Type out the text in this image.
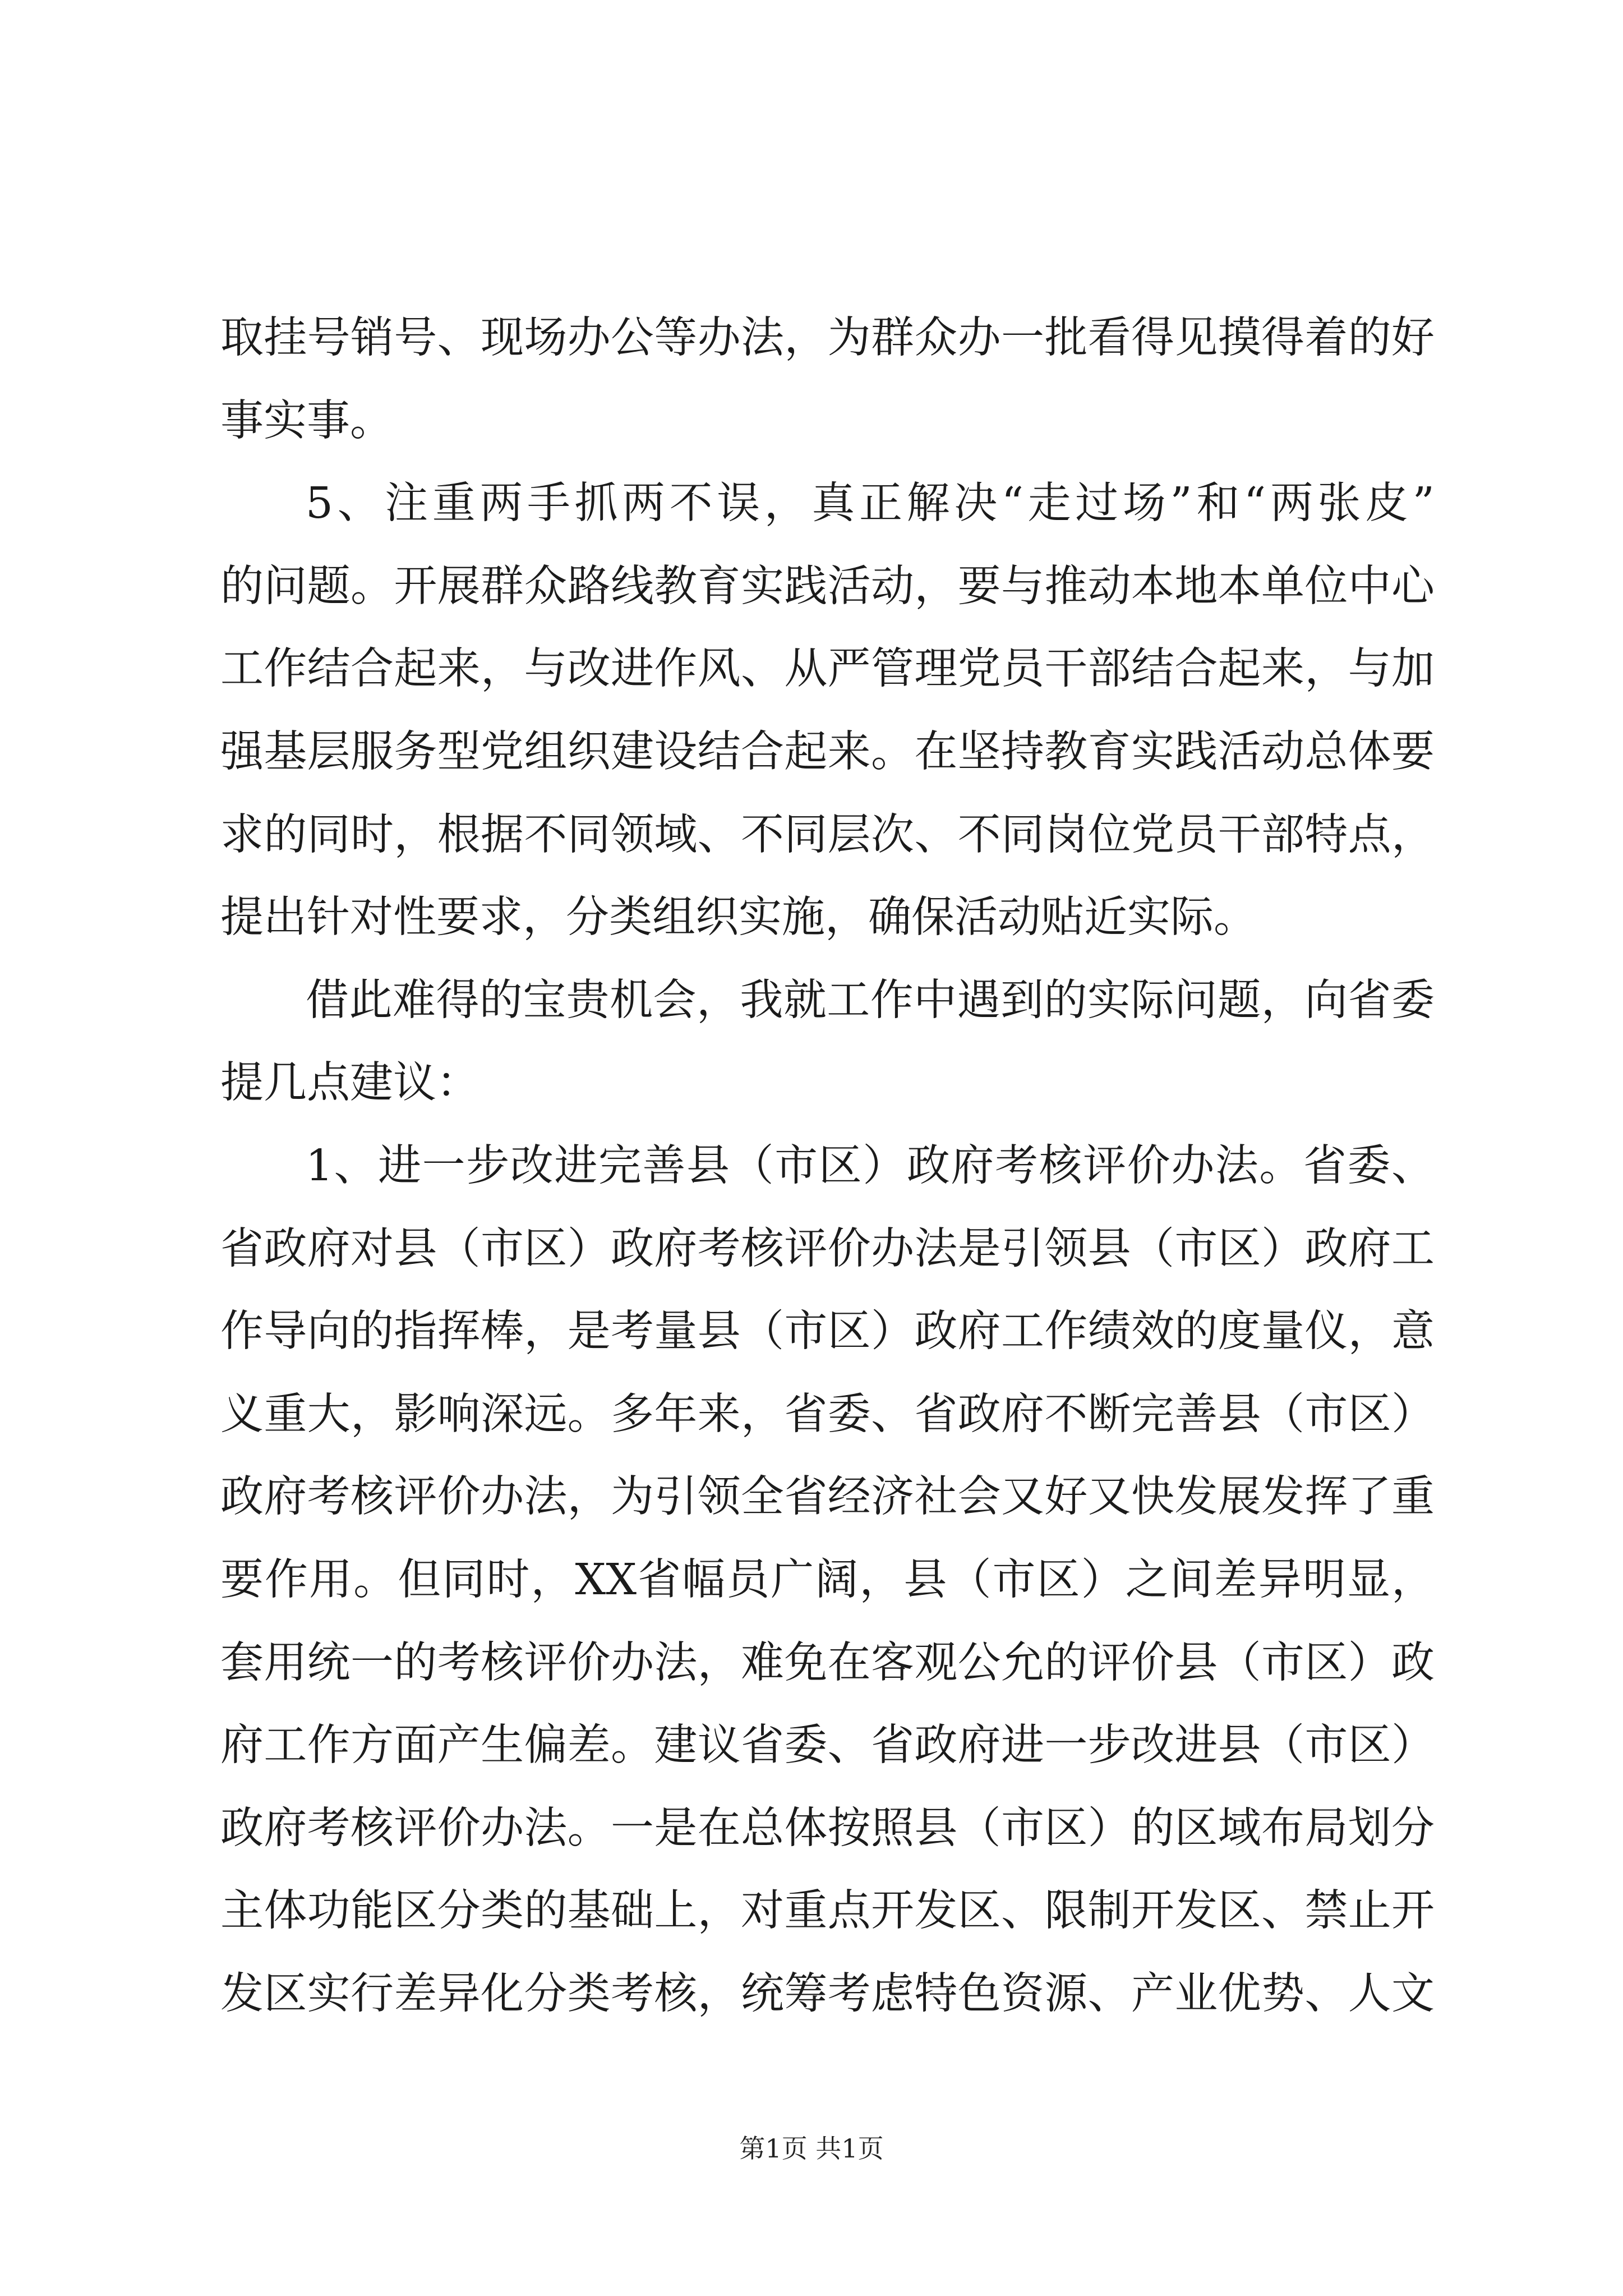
取挂号销号、现场办公等办法，为群众办一批看得见摸得着的好
事实事。
5、注重两手抓两不误，真正解决“走过场”和“两张皮”
的问题。开展群众路线教育实践活动，要与推动本地本单位中心
工作结合起来，与改进作风、从严管理党员干部结合起来，与加
强基层服务型党组织建设结合起来。在坚持教育实践活动总体要
求的同时，根据不同领域、不同层次、不同岗位党员干部特点，
提出针对性要求，分类组织实施，确保活动贴近实际。
借此难得的宝贵机会，我就工作中遇到的实际问题，向省委
提几点建议：
1、进一步改进完善县（市区）政府考核评价办法。省委、
省政府对县（市区）政府考核评价办法是引领县（市区）政府工
作导向的指挥棒，是考量县（市区）政府工作绩效的度量仪，意
义重大，影响深远。多年来，省委、省政府不断完善县（市区）
政府考核评价办法，为引领全省经济社会又好又快发展发挥了重
要作用。但同时，XX省幅员广阔，县（市区）之间差异明显，
套用统一的考核评价办法，难免在客观公允的评价县（市区）政
府工作方面产生偏差。建议省委、省政府进一步改进县（市区）
政府考核评价办法。一是在总体按照县（市区）的区域布局划分
主体功能区分类的基础上，对重点开发区、限制开发区、禁止开
发区实行差异化分类考核，统筹考虑特色资源、产业优势、人文
第1页 共1页
